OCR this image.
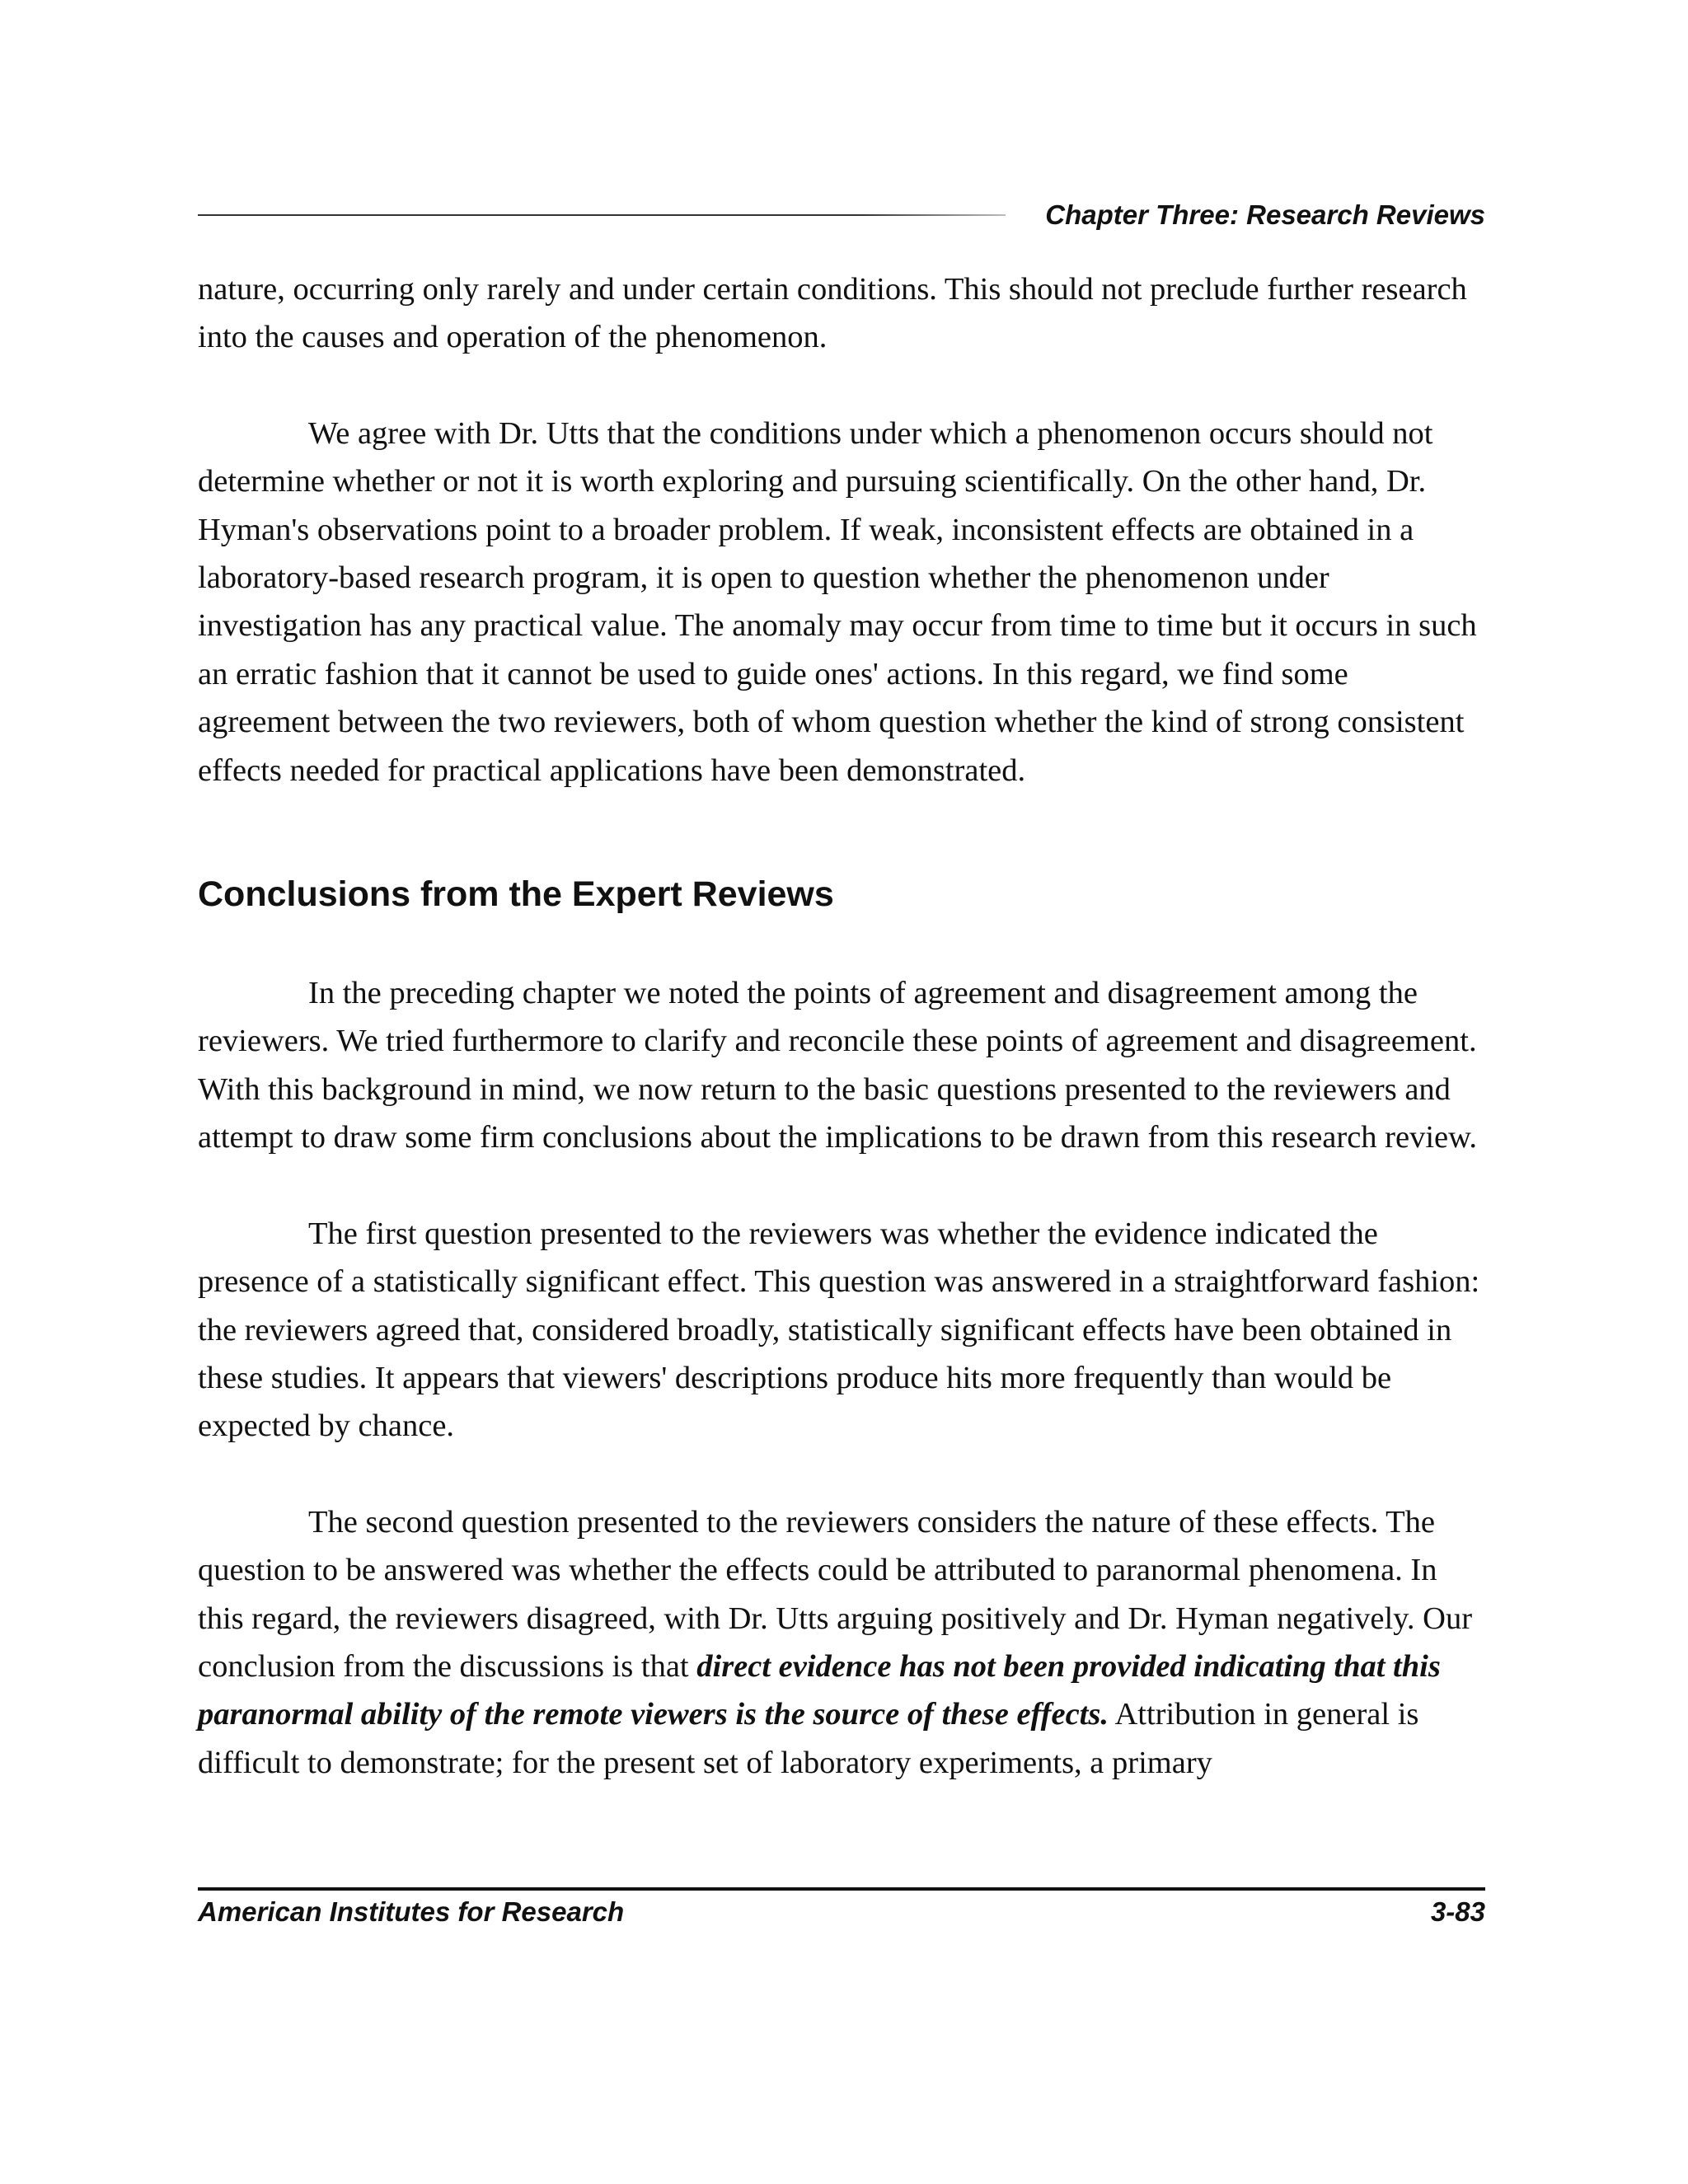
Chapter Three: Research Reviews

nature, occurring only rarely and under certain conditions. This should not preclude further research into the causes and operation of the phenomenon.

We agree with Dr. Utts that the conditions under which a phenomenon occurs should not determine whether or not it is worth exploring and pursuing scientifically. On the other hand, Dr. Hyman's observations point to a broader problem. If weak, inconsistent effects are obtained in a laboratory-based research program, it is open to question whether the phenomenon under investigation has any practical value. The anomaly may occur from time to time but it occurs in such an erratic fashion that it cannot be used to guide ones' actions. In this regard, we find some agreement between the two reviewers, both of whom question whether the kind of strong consistent effects needed for practical applications have been demonstrated.

Conclusions from the Expert Reviews

In the preceding chapter we noted the points of agreement and disagreement among the reviewers. We tried furthermore to clarify and reconcile these points of agreement and disagreement. With this background in mind, we now return to the basic questions presented to the reviewers and attempt to draw some firm conclusions about the implications to be drawn from this research review.

The first question presented to the reviewers was whether the evidence indicated the presence of a statistically significant effect. This question was answered in a straightforward fashion: the reviewers agreed that, considered broadly, statistically significant effects have been obtained in these studies. It appears that viewers' descriptions produce hits more frequently than would be expected by chance.

The second question presented to the reviewers considers the nature of these effects. The question to be answered was whether the effects could be attributed to paranormal phenomena. In this regard, the reviewers disagreed, with Dr. Utts arguing positively and Dr. Hyman negatively. Our conclusion from the discussions is that direct evidence has not been provided indicating that this paranormal ability of the remote viewers is the source of these effects. Attribution in general is difficult to demonstrate; for the present set of laboratory experiments, a primary

American Institutes for Research	3-83
